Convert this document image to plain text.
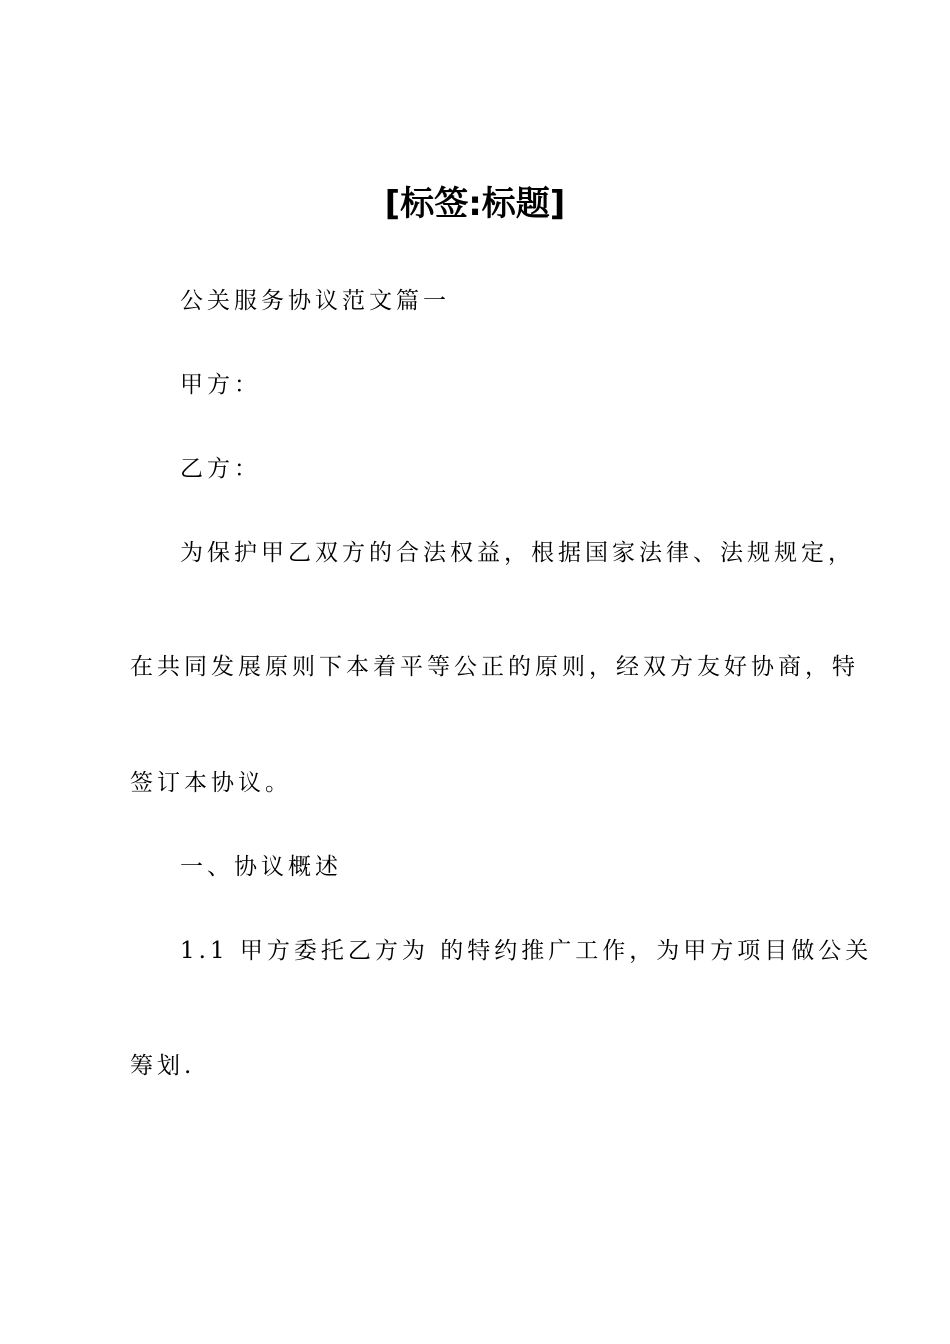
[标签:标题]
公关服务协议范文篇一
甲方：
乙方：
为保护甲乙双方的合法权益，根据国家法律、法规规定，
在共同发展原则下本着平等公正的原则，经双方友好协商，特
签订本协议。
一、协议概述
1.1 甲方委托乙方为 的特约推广工作，为甲方项目做公关
筹划.
